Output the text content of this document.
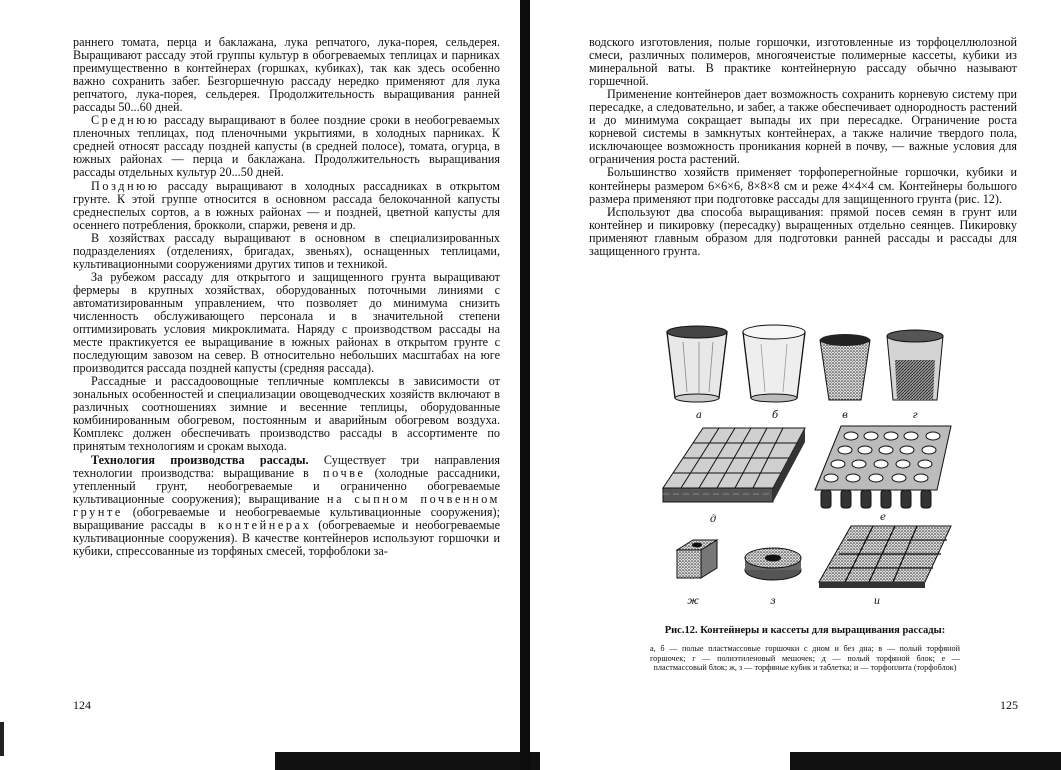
раннего томата, перца и баклажана, лука репчатого, лука-порея, сельдерея. Выращивают рассаду этой группы культур в обогреваемых теплицах и парниках преимущественно в контейнерах (горшках, кубиках), так как здесь особенно важно сохранить забег. Безгоршечную рассаду нередко применяют для лука репчатого, лука-порея, сельдерея. Продолжительность выращивания ранней рассады 50...60 дней.

Среднюю рассаду выращивают в более поздние сроки в необогреваемых пленочных теплицах, под пленочными укрытиями, в холодных парниках. К средней относят рассаду поздней капусты (в средней полосе), томата, огурца, в южных районах — перца и баклажана. Продолжительность выращивания рассады отдельных культур 20...50 дней.

Позднюю рассаду выращивают в холодных рассадниках в открытом грунте. К этой группе относится в основном рассада белокочанной капусты среднеспелых сортов, а в южных районах — и поздней, цветной капусты для осеннего потребления, брокколи, спаржи, ревеня и др.

В хозяйствах рассаду выращивают в основном в специализированных подразделениях (отделениях, бригадах, звеньях), оснащенных теплицами, культивационными сооружениями других типов и техникой.

За рубежом рассаду для открытого и защищенного грунта выращивают фермеры в крупных хозяйствах, оборудованных поточными линиями с автоматизированным управлением, что позволяет до минимума снизить численность обслуживающего персонала и в значительной степени оптимизировать условия микроклимата. Наряду с производством рассады на месте практикуется ее выращивание в южных районах в открытом грунте с последующим завозом на север. В относительно небольших масштабах на юге производится рассада поздней капусты (средняя рассада).

Рассадные и рассадоовощные тепличные комплексы в зависимости от зональных особенностей и специализации овощеводческих хозяйств включают в различных соотношениях зимние и весенние теплицы, оборудованные комбинированным обогревом, постоянным и аварийным обогревом воздуха. Комплекс должен обеспечивать производство рассады в ассортименте по принятым технологиям и срокам выхода.

Технология производства рассады. Существует три направления технологии производства: выращивание в почве (холодные рассадники, утепленный грунт, необогреваемые и ограниченно обогреваемые культивационные сооружения); выращивание на сыпном почвенном грунте (обогреваемые и необогреваемые культивационные сооружения); выращивание рассады в контейнерах (обогреваемые и необогреваемые культивационные сооружения). В качестве контейнеров используют горшочки и кубики, спрессованные из торфяных смесей, торфоблоки за-

124

водского изготовления, полые горшочки, изготовленные из торфоцеллюлозной смеси, различных полимеров, многоячеистые полимерные кассеты, кубики из минеральной ваты. В практике контейнерную рассаду обычно называют горшечной.

Применение контейнеров дает возможность сохранить корневую систему при пересадке, а следовательно, и забег, а также обеспечивает однородность растений и до минимума сокращает выпады их при пересадке. Ограничение роста корневой системы в замкнутых контейнерах, а также наличие твердого пола, исключающее возможность проникания корней в почву, — важные условия для ограничения роста растений.

Большинство хозяйств применяет торфоперегнойные горшочки, кубики и контейнеры размером 6×6×6, 8×8×8 см и реже 4×4×4 см. Контейнеры большого размера применяют при подготовке рассады для защищенного грунта (рис. 12).

Используют два способа выращивания: прямой посев семян в грунт или контейнер и пикировку (пересадку) выращенных отдельно сеянцев. Пикировку применяют главным образом для подготовки ранней рассады и рассады для защищенного грунта.

а	б	в	г
д	е
ж	з	и

Рис.12. Контейнеры и кассеты для выращивания рассады:

а, б — полые пластмассовые горшочки с дном и без дна; в — полый торфяной горшочек; г — полиэтиленовый мешочек; д — полый торфяной блок; е — пластмассовый блок; ж, з — торфяные кубик и таблетка; и — торфоплита (торфоблок)

125
